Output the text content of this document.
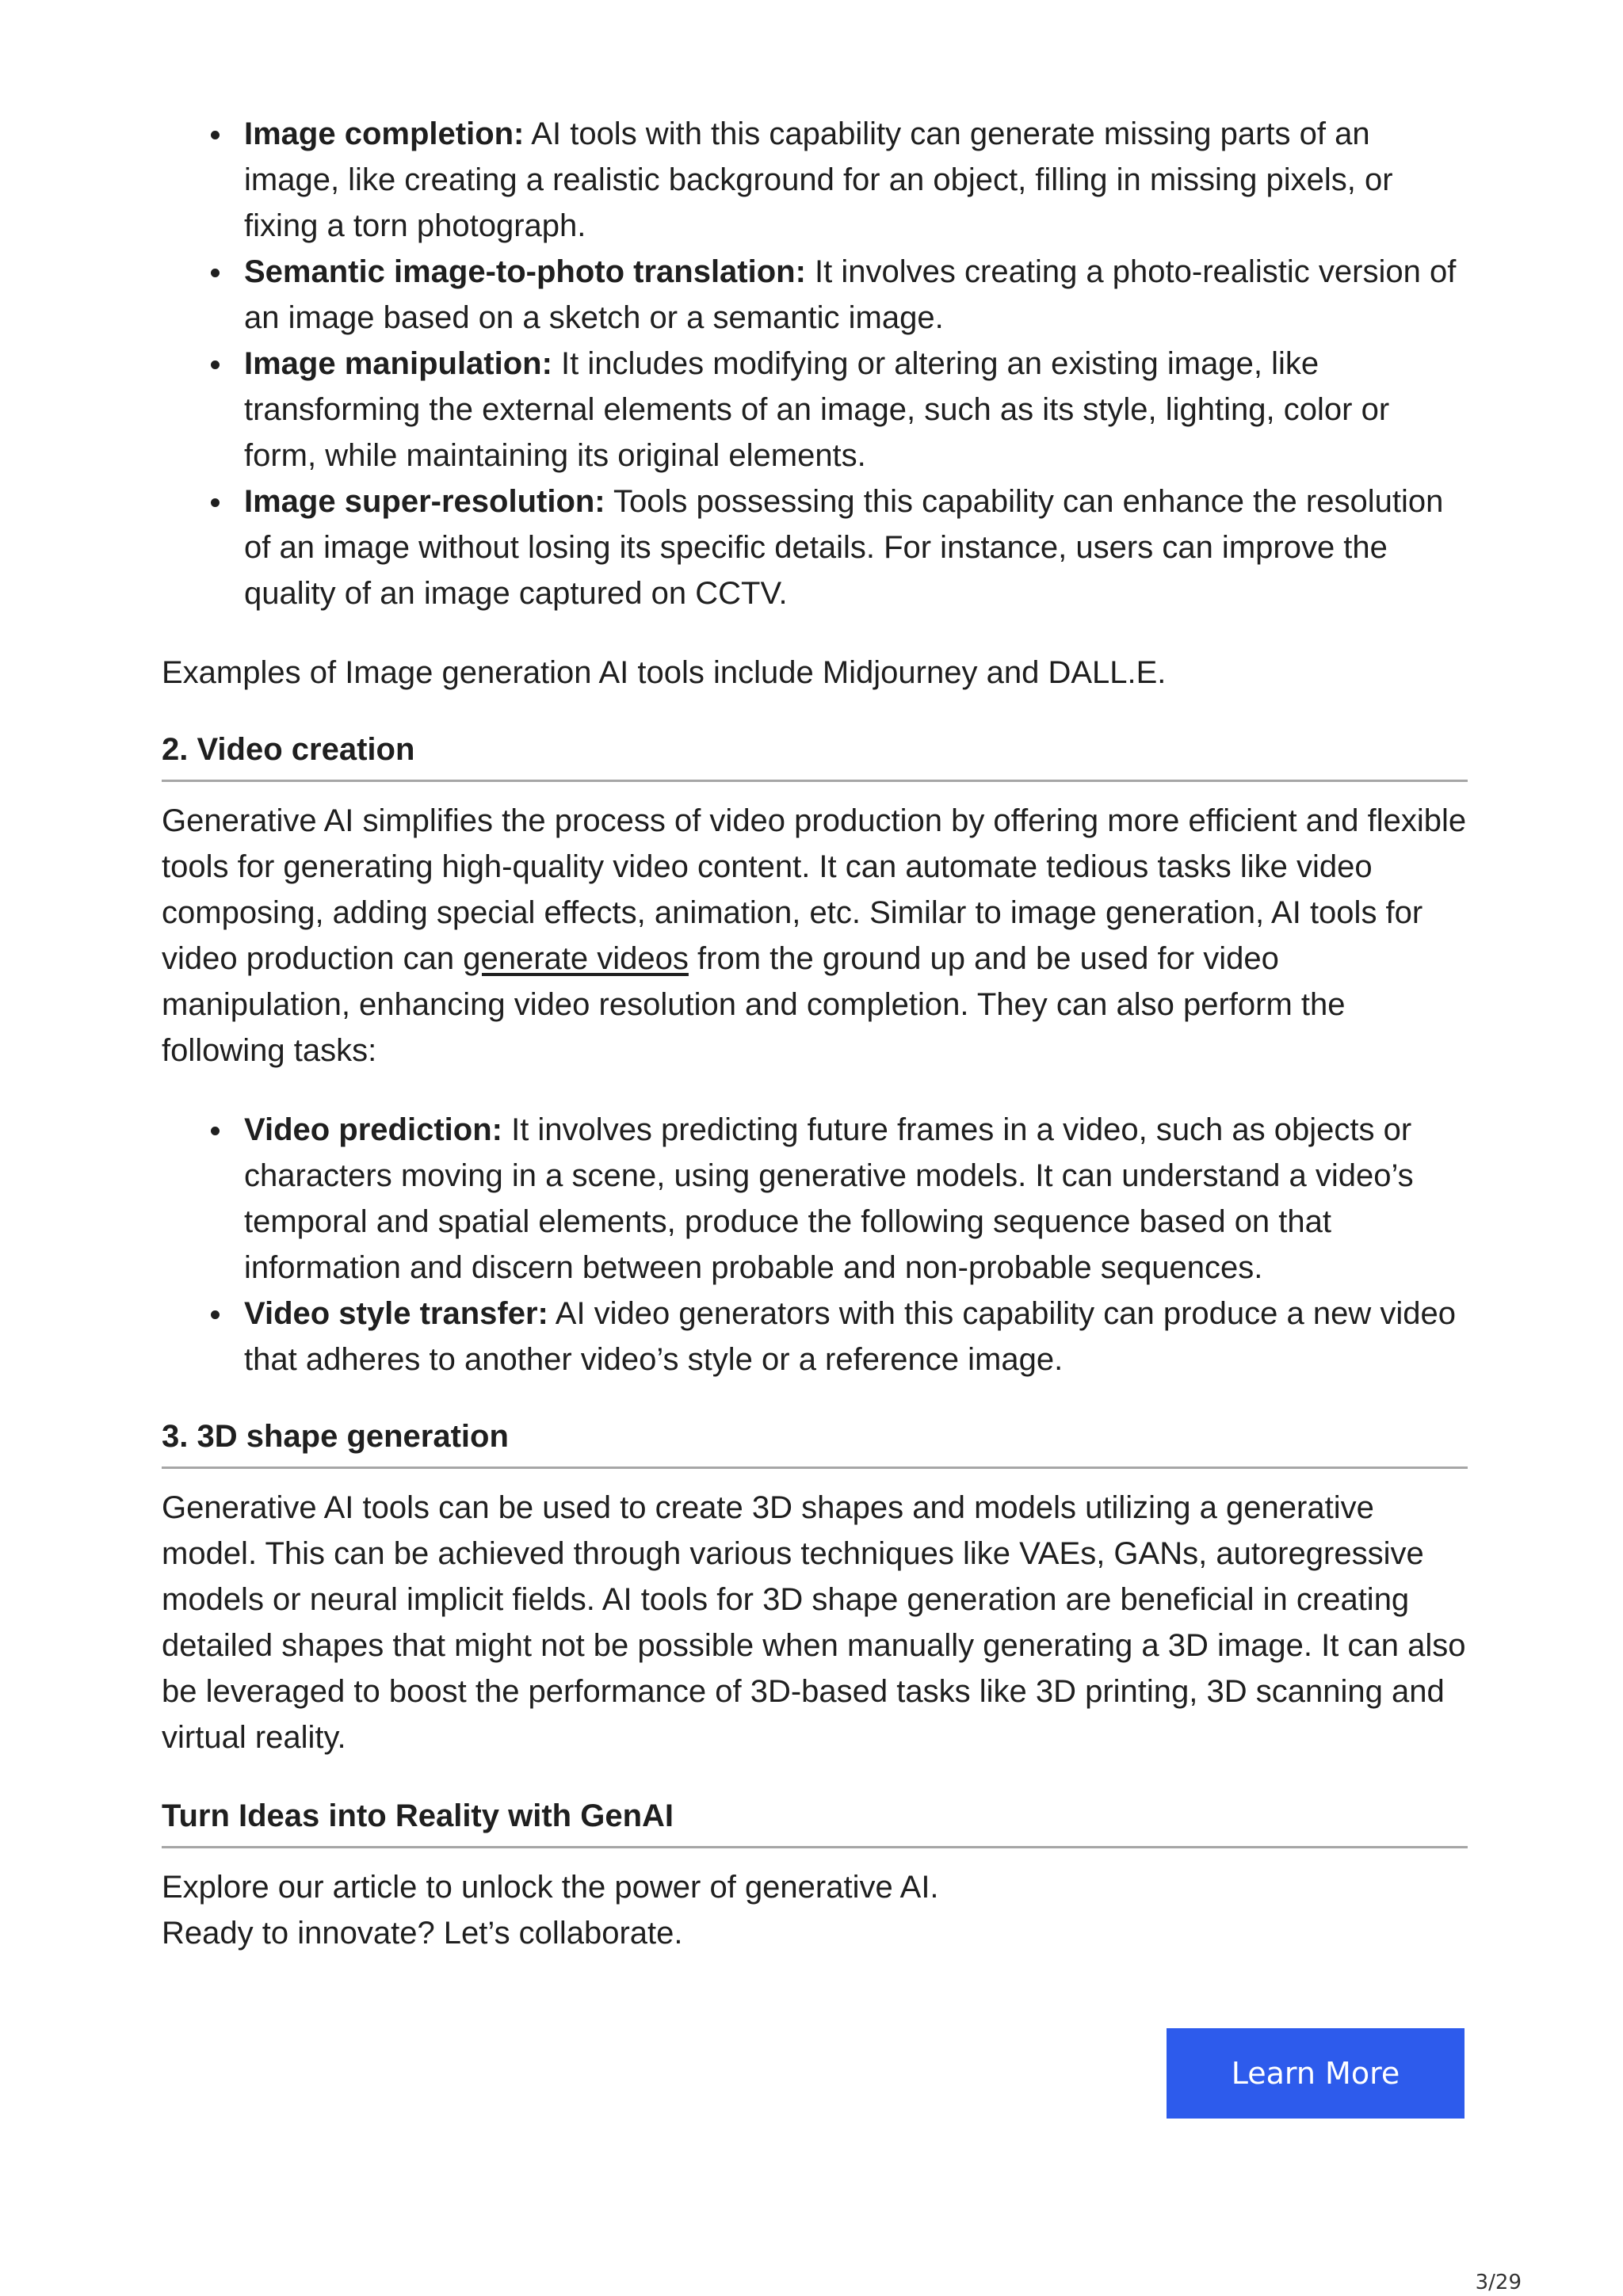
Image completion: AI tools with this capability can generate missing parts of an image, like creating a realistic background for an object, filling in missing pixels, or fixing a torn photograph.
Semantic image-to-photo translation: It involves creating a photo-realistic version of an image based on a sketch or a semantic image.
Image manipulation: It includes modifying or altering an existing image, like transforming the external elements of an image, such as its style, lighting, color or form, while maintaining its original elements.
Image super-resolution: Tools possessing this capability can enhance the resolution of an image without losing its specific details. For instance, users can improve the quality of an image captured on CCTV.

Examples of Image generation AI tools include Midjourney and DALL.E.

2. Video creation

Generative AI simplifies the process of video production by offering more efficient and flexible tools for generating high-quality video content. It can automate tedious tasks like video composing, adding special effects, animation, etc. Similar to image generation, AI tools for video production can generate videos from the ground up and be used for video manipulation, enhancing video resolution and completion. They can also perform the following tasks:

Video prediction: It involves predicting future frames in a video, such as objects or characters moving in a scene, using generative models. It can understand a video’s temporal and spatial elements, produce the following sequence based on that information and discern between probable and non-probable sequences.
Video style transfer: AI video generators with this capability can produce a new video that adheres to another video’s style or a reference image.
3. 3D shape generation

Generative AI tools can be used to create 3D shapes and models utilizing a generative model. This can be achieved through various techniques like VAEs, GANs, autoregressive models or neural implicit fields. AI tools for 3D shape generation are beneficial in creating detailed shapes that might not be possible when manually generating a 3D image. It can also be leveraged to boost the performance of 3D-based tasks like 3D printing, 3D scanning and virtual reality.

Turn Ideas into Reality with GenAI

Explore our article to unlock the power of generative AI.

Ready to innovate? Let’s collaborate.

Learn More
3/29
